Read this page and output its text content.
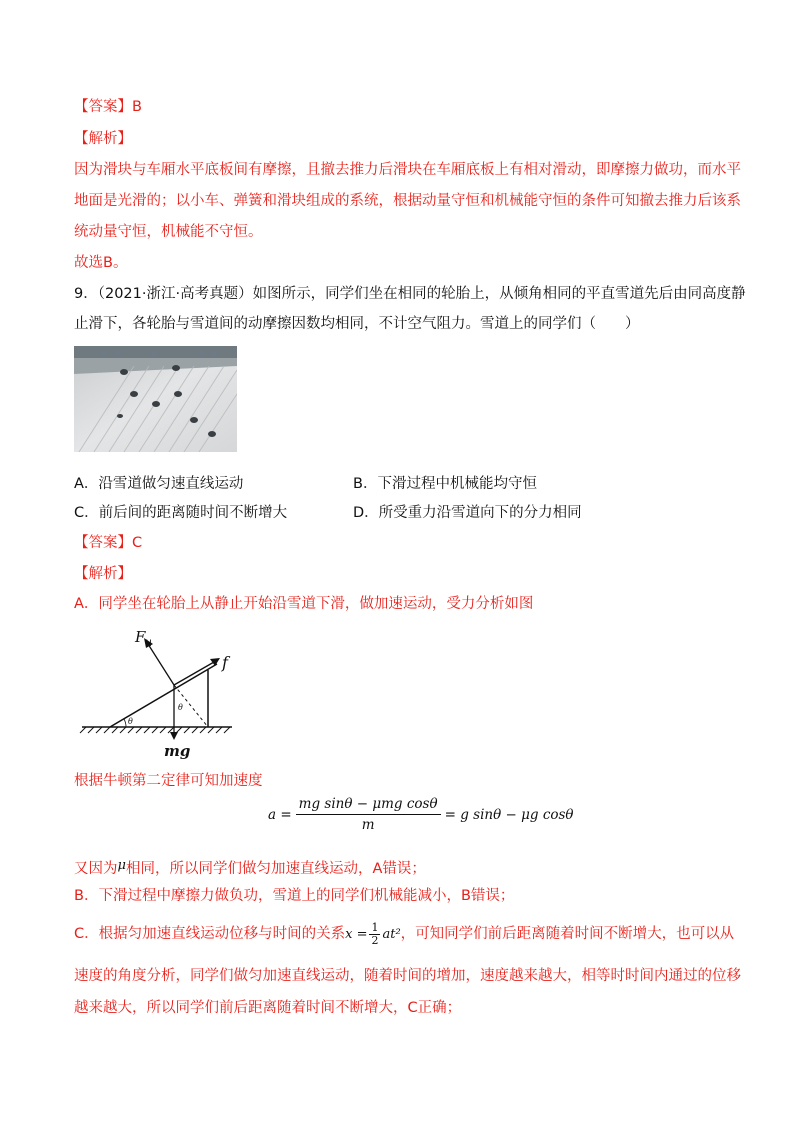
【答案】B
【解析】
因为滑块与车厢水平底板间有摩擦，且撤去推力后滑块在车厢底板上有相对滑动，即摩擦力做功，而水平
地面是光滑的；以小车、弹簧和滑块组成的系统，根据动量守恒和机械能守恒的条件可知撤去推力后该系
统动量守恒，机械能不守恒。
故选B。
9．（2021·浙江·高考真题）如图所示，同学们坐在相同的轮胎上，从倾角相同的平直雪道先后由同高度静
止滑下，各轮胎与雪道间的动摩擦因数均相同，不计空气阻力。雪道上的同学们（　　）
A．沿雪道做匀速直线运动	B．下滑过程中机械能均守恒
C．前后间的距离随时间不断增大	D．所受重力沿雪道向下的分力相同
【答案】C
【解析】
A．同学坐在轮胎上从静止开始沿雪道下滑，做加速运动，受力分析如图
θ
θ
F N
f
mg
根据牛顿第二定律可知加速度
$a = \frac{\text{mg sinθ − μmg cosθ}}{m} = g$ sinθ − μg cosθ
又因为μ相同，所以同学们做匀加速直线运动，A错误；
B．下滑过程中摩擦力做负功，雪道上的同学们机械能减小，B错误；
C．根据匀加速直线运动位移与时间的关系$x = \frac{1}{2} at^2$，可知同学们前后距离随着时间不断增大，也可以从
速度的角度分析，同学们做匀加速直线运动，随着时间的增加，速度越来越大，相等时时间内通过的位移
越来越大，所以同学们前后距离随着时间不断增大，C正确；
